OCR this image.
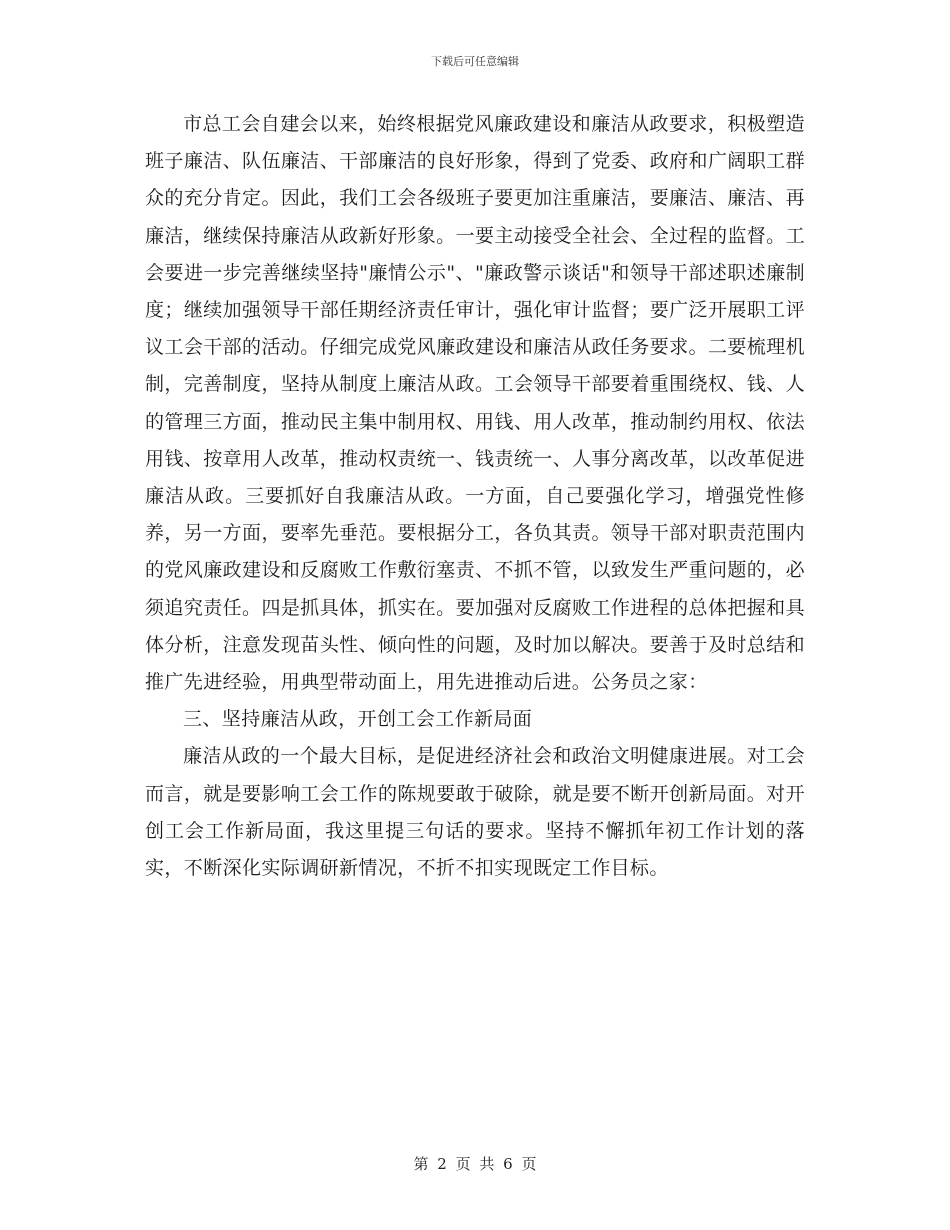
下载后可任意编辑

市总工会自建会以来，始终根据党风廉政建设和廉洁从政要求，积极塑造班子廉洁、队伍廉洁、干部廉洁的良好形象，得到了党委、政府和广阔职工群众的充分肯定。因此，我们工会各级班子要更加注重廉洁，要廉洁、廉洁、再廉洁，继续保持廉洁从政新好形象。一要主动接受全社会、全过程的监督。工会要进一步完善继续坚持"廉情公示"、"廉政警示谈话"和领导干部述职述廉制度；继续加强领导干部任期经济责任审计，强化审计监督；要广泛开展职工评议工会干部的活动。仔细完成党风廉政建设和廉洁从政任务要求。二要梳理机制，完善制度，坚持从制度上廉洁从政。工会领导干部要着重围绕权、钱、人的管理三方面，推动民主集中制用权、用钱、用人改革，推动制约用权、依法用钱、按章用人改革，推动权责统一、钱责统一、人事分离改革，以改革促进廉洁从政。三要抓好自我廉洁从政。一方面，自己要强化学习，增强党性修养，另一方面，要率先垂范。要根据分工，各负其责。领导干部对职责范围内的党风廉政建设和反腐败工作敷衍塞责、不抓不管，以致发生严重问题的，必须追究责任。四是抓具体，抓实在。要加强对反腐败工作进程的总体把握和具体分析，注意发现苗头性、倾向性的问题，及时加以解决。要善于及时总结和推广先进经验，用典型带动面上，用先进推动后进。公务员之家：

三、坚持廉洁从政，开创工会工作新局面

廉洁从政的一个最大目标，是促进经济社会和政治文明健康进展。对工会而言，就是要影响工会工作的陈规要敢于破除，就是要不断开创新局面。对开创工会工作新局面，我这里提三句话的要求。坚持不懈抓年初工作计划的落实，不断深化实际调研新情况，不折不扣实现既定工作目标。

第 2 页 共 6 页
